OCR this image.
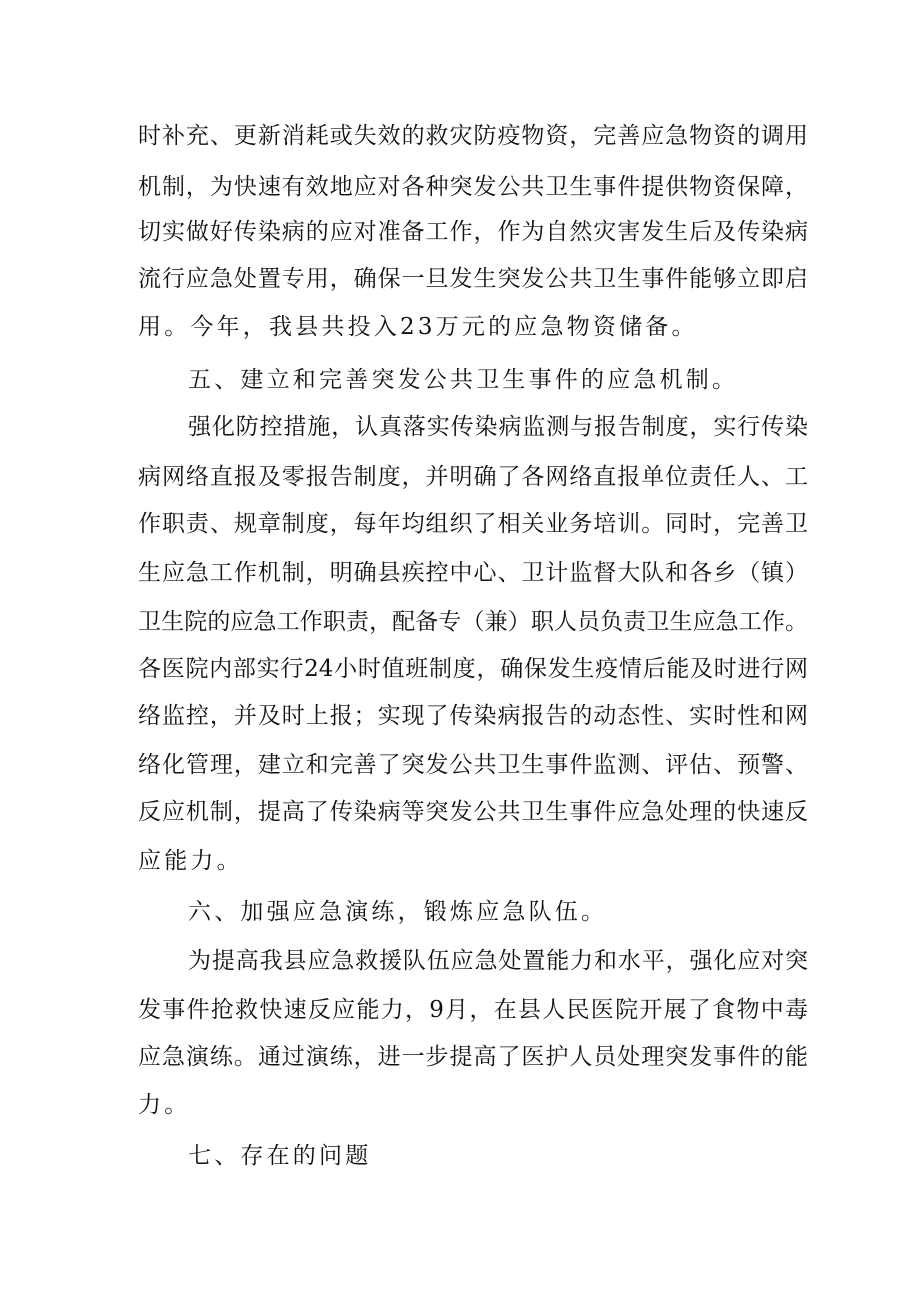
时补充、更新消耗或失效的救灾防疫物资，完善应急物资的调用
机制，为快速有效地应对各种突发公共卫生事件提供物资保障，
切实做好传染病的应对准备工作，作为自然灾害发生后及传染病
流行应急处置专用，确保一旦发生突发公共卫生事件能够立即启
用。今年，我县共投入23万元的应急物资储备。
五、建立和完善突发公共卫生事件的应急机制。
强化防控措施，认真落实传染病监测与报告制度，实行传染
病网络直报及零报告制度，并明确了各网络直报单位责任人、工
作职责、规章制度，每年均组织了相关业务培训。同时，完善卫
生应急工作机制，明确县疾控中心、卫计监督大队和各乡（镇）
卫生院的应急工作职责，配备专（兼）职人员负责卫生应急工作。
各医院内部实行24小时值班制度，确保发生疫情后能及时进行网
络监控，并及时上报；实现了传染病报告的动态性、实时性和网
络化管理，建立和完善了突发公共卫生事件监测、评估、预警、
反应机制，提高了传染病等突发公共卫生事件应急处理的快速反
应能力。
六、加强应急演练，锻炼应急队伍。
为提高我县应急救援队伍应急处置能力和水平，强化应对突
发事件抢救快速反应能力，9月，在县人民医院开展了食物中毒
应急演练。通过演练，进一步提高了医护人员处理突发事件的能
力。
七、存在的问题
